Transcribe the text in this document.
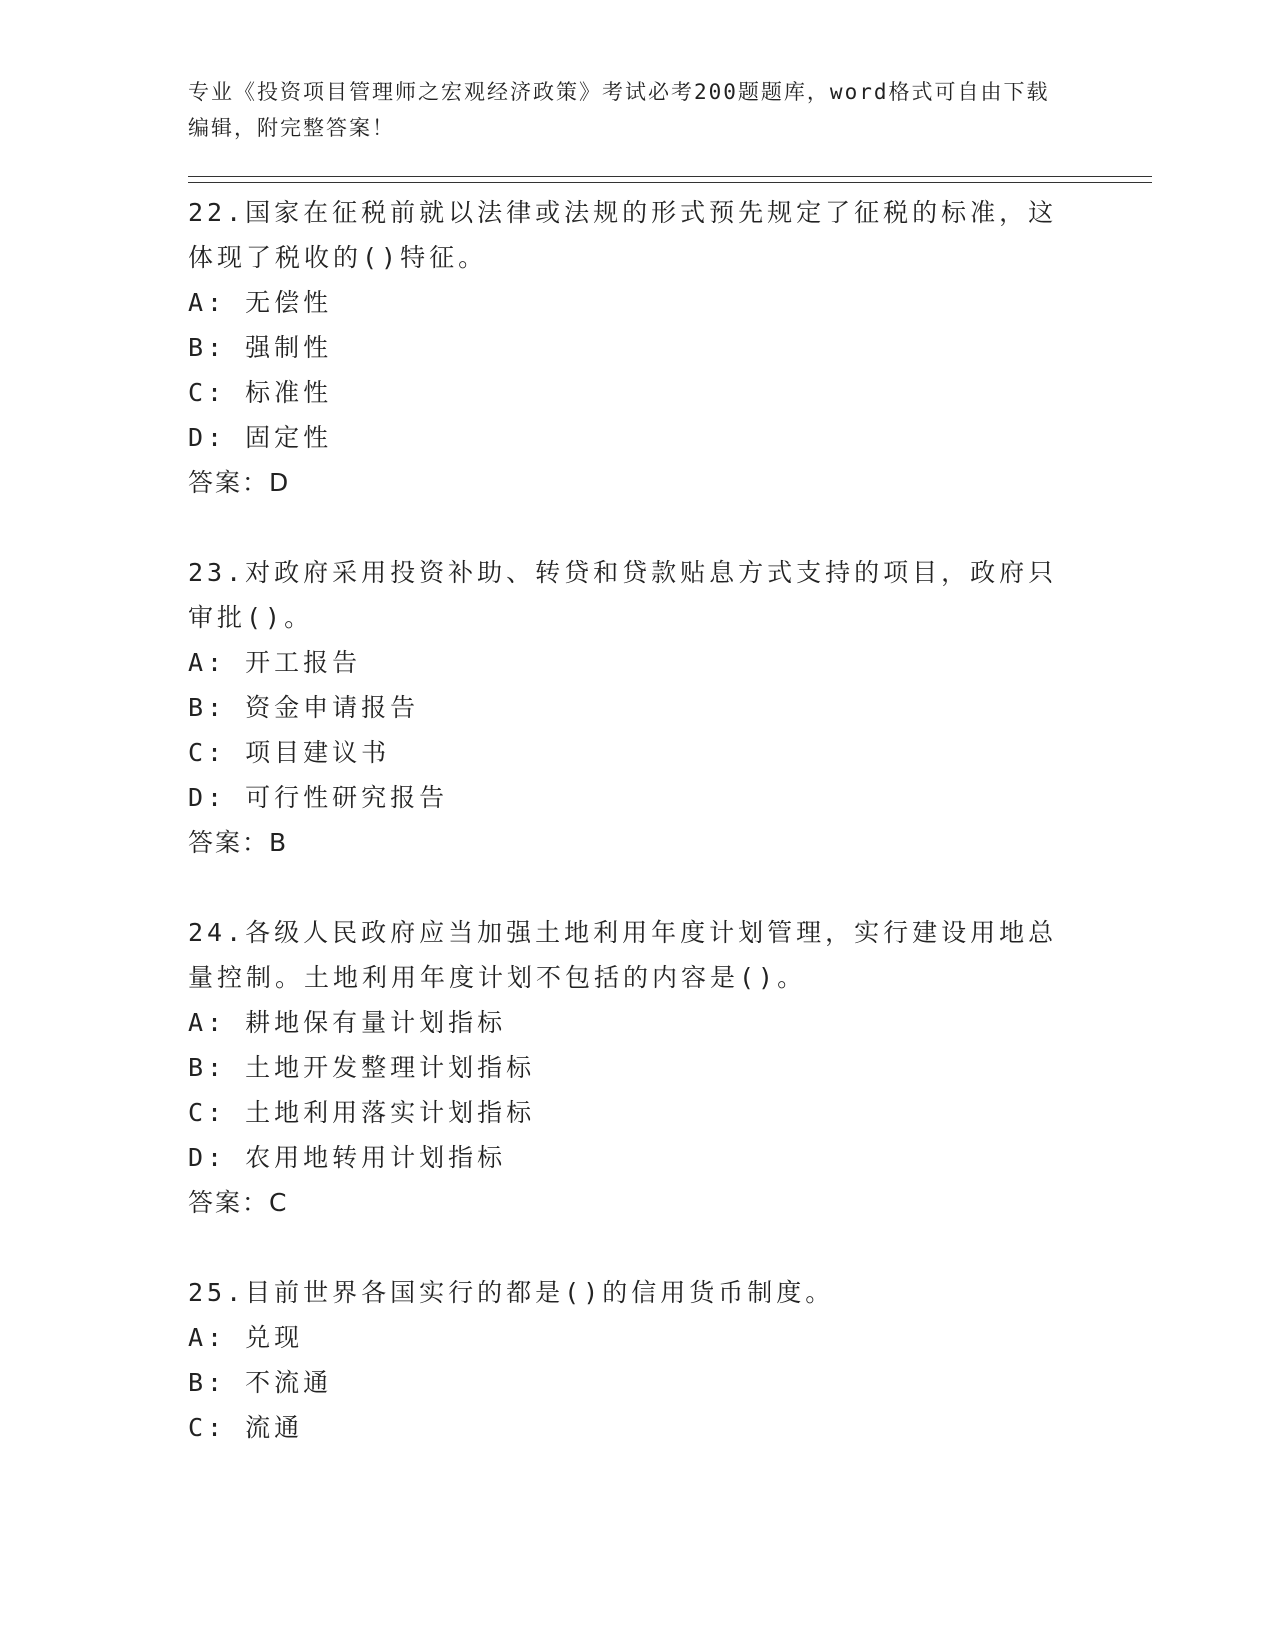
专业《投资项目管理师之宏观经济政策》考试必考200题题库，word格式可自由下载编辑，附完整答案！
22.国家在征税前就以法律或法规的形式预先规定了征税的标准，这体现了税收的()特征。
A: 无偿性
B: 强制性
C: 标准性
D: 固定性
答案：D
23.对政府采用投资补助、转贷和贷款贴息方式支持的项目，政府只审批()。
A: 开工报告
B: 资金申请报告
C: 项目建议书
D: 可行性研究报告
答案：B
24.各级人民政府应当加强土地利用年度计划管理，实行建设用地总量控制。土地利用年度计划不包括的内容是()。
A: 耕地保有量计划指标
B: 土地开发整理计划指标
C: 土地利用落实计划指标
D: 农用地转用计划指标
答案：C
25.目前世界各国实行的都是()的信用货币制度。
A: 兑现
B: 不流通
C: 流通
